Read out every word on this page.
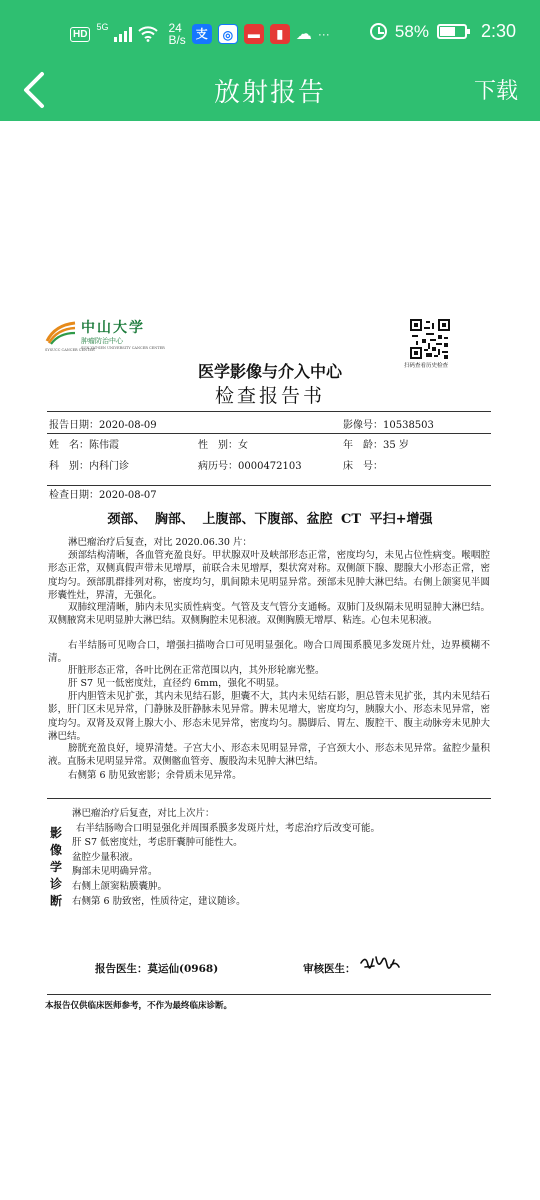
HD
5G	24
B/s 支	◎	▬	▮ ☁ ···	58%	2:30
放射报告	下载
中山大学
肿瘤防治中心
SYSUCC CANCER CENTER
SUN YAT-SEN UNIVERSITY CANCER CENTER
扫码查看历史检查
医学影像与介入中心
检查报告书
报告日期：2020-08-09	影像号：10538503
姓　名：陈伟霞	性　别：女	年　龄：35 岁
科　别：内科门诊	病历号：0000472103	床　号：
检查日期：2020-08-07
颈部、 胸部、 上腹部、下腹部、盆腔 CT 平扫+增强
淋巴瘤治疗后复查，对比 2020.06.30 片：
颈部结构清晰，各血管充盈良好。甲状腺双叶及峡部形态正常，密度均匀，未见占位性病变。喉咽腔形态正常，双侧真假声带未见增厚，前联合未见增厚，梨状窝对称。双侧颌下腺、腮腺大小形态正常，密度均匀。颈部肌群排列对称，密度均匀，肌间隙未见明显异常。颈部未见肿大淋巴结。右侧上颌窦见半圆形囊性灶，界清，无强化。
双肺纹理清晰，肺内未见实质性病变。气管及支气管分支通畅。双肺门及纵隔未见明显肿大淋巴结。双侧腋窝未见明显肿大淋巴结。双侧胸腔未见积液。双侧胸膜无增厚、粘连。心包未见积液。
右半结肠可见吻合口，增强扫描吻合口可见明显强化。吻合口周围系膜见多发斑片灶，边界模糊不清。
肝脏形态正常，各叶比例在正常范围以内，其外形轮廓光整。
肝 S7 见一低密度灶，直径约 6mm，强化不明显。
肝内胆管未见扩张，其内未见结石影，胆囊不大，其内未见结石影，胆总管未见扩张，其内未见结石影，肝门区未见异常，门静脉及肝静脉未见异常。脾未见增大，密度均匀，胰腺大小、形态未见异常，密度均匀。双肾及双肾上腺大小、形态未见异常，密度均匀。腸脚后、胃左、腹腔干、腹主动脉旁未见肿大淋巴结。
膀胱充盈良好，境界清楚。子宫大小、形态未见明显异常，子宫颈大小、形态未见异常。盆腔少量积液。直肠未见明显异常。双侧髂血管旁、腹股沟未见肿大淋巴结。
右侧第 6 肋见致密影；余骨质未见异常。
影
像
学
诊
断
淋巴瘤治疗后复查，对比上次片：
右半结肠吻合口明显强化并周围系膜多发斑片灶，考虑治疗后改变可能。
肝 S7 低密度灶，考虑肝囊肿可能性大。
盆腔少量积液。
胸部未见明确异常。
右侧上颌窦粘膜囊肿。
右侧第 6 肋致密，性质待定，建议随诊。
报告医生：莫运仙(0968)	审核医生：
本报告仅供临床医师参考，不作为最终临床诊断。
